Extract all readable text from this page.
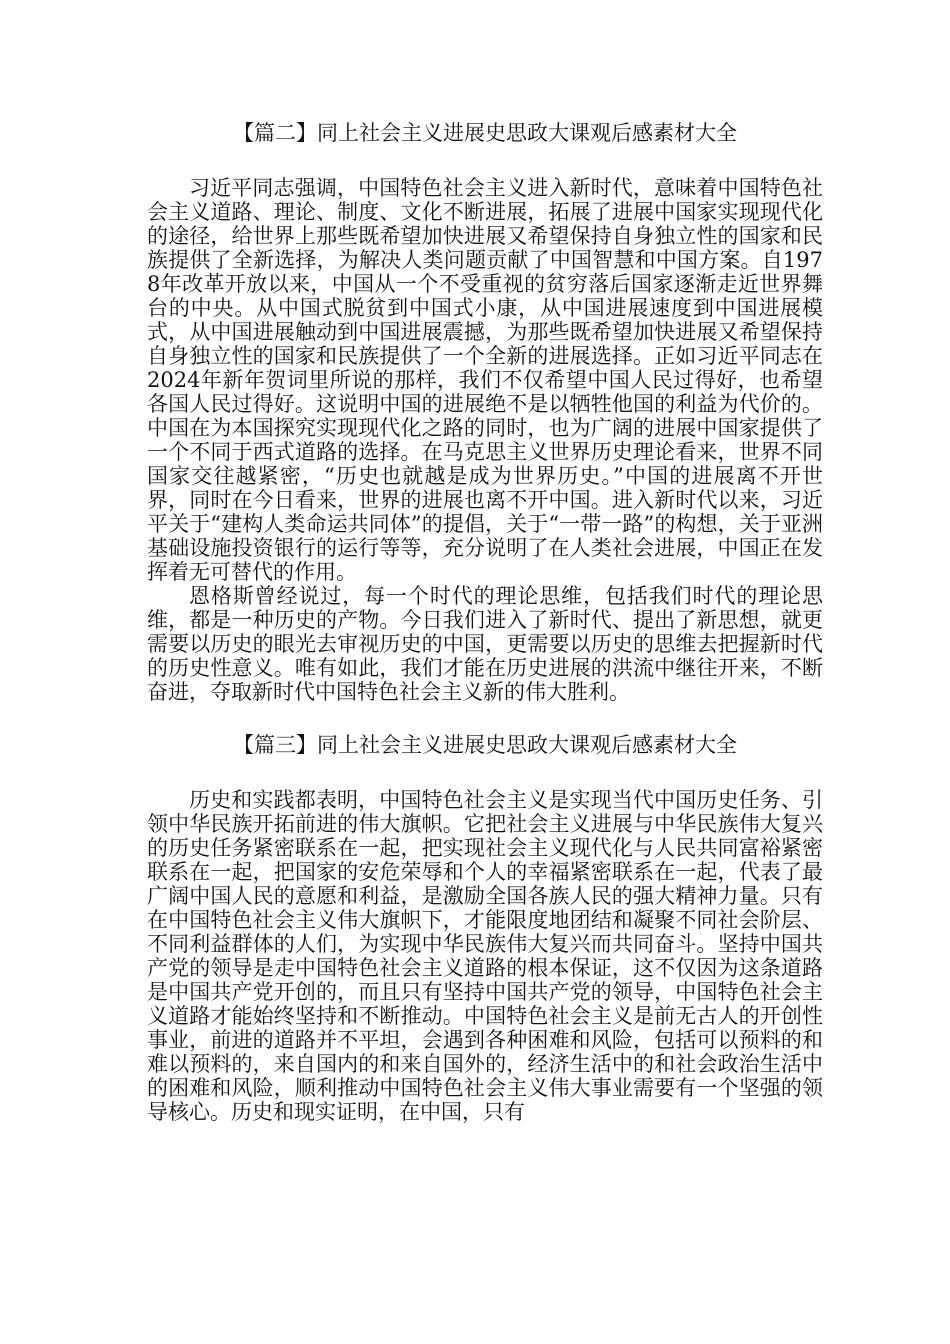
【篇二】同上社会主义进展史思政大课观后感素材大全

习近平同志强调，中国特色社会主义进入新时代，意味着中国特色社会主义道路、理论、制度、文化不断进展，拓展了进展中国家实现现代化的途径，给世界上那些既希望加快进展又希望保持自身独立性的国家和民族提供了全新选择，为解决人类问题贡献了中国智慧和中国方案。自1978年改革开放以来，中国从一个不受重视的贫穷落后国家逐渐走近世界舞台的中央。从中国式脱贫到中国式小康，从中国进展速度到中国进展模式，从中国进展触动到中国进展震撼，为那些既希望加快进展又希望保持自身独立性的国家和民族提供了一个全新的进展选择。正如习近平同志在2024年新年贺词里所说的那样，我们不仅希望中国人民过得好，也希望各国人民过得好。这说明中国的进展绝不是以牺牲他国的利益为代价的。中国在为本国探究实现现代化之路的同时，也为广阔的进展中国家提供了一个不同于西式道路的选择。在马克思主义世界历史理论看来，世界不同国家交往越紧密，“历史也就越是成为世界历史。”中国的进展离不开世界，同时在今日看来，世界的进展也离不开中国。进入新时代以来，习近平关于“建构人类命运共同体”的提倡，关于“一带一路”的构想，关于亚洲基础设施投资银行的运行等等，充分说明了在人类社会进展，中国正在发挥着无可替代的作用。

恩格斯曾经说过，每一个时代的理论思维，包括我们时代的理论思维，都是一种历史的产物。今日我们进入了新时代、提出了新思想，就更需要以历史的眼光去审视历史的中国，更需要以历史的思维去把握新时代的历史性意义。唯有如此，我们才能在历史进展的洪流中继往开来，不断奋进，夺取新时代中国特色社会主义新的伟大胜利。

【篇三】同上社会主义进展史思政大课观后感素材大全

历史和实践都表明，中国特色社会主义是实现当代中国历史任务、引领中华民族开拓前进的伟大旗帜。它把社会主义进展与中华民族伟大复兴的历史任务紧密联系在一起，把实现社会主义现代化与人民共同富裕紧密联系在一起，把国家的安危荣辱和个人的幸福紧密联系在一起，代表了最广阔中国人民的意愿和利益，是激励全国各族人民的强大精神力量。只有在中国特色社会主义伟大旗帜下，才能限度地团结和凝聚不同社会阶层、不同利益群体的人们，为实现中华民族伟大复兴而共同奋斗。坚持中国共产党的领导是走中国特色社会主义道路的根本保证，这不仅因为这条道路是中国共产党开创的，而且只有坚持中国共产党的领导，中国特色社会主义道路才能始终坚持和不断推动。中国特色社会主义是前无古人的开创性事业，前进的道路并不平坦，会遇到各种困难和风险，包括可以预料的和难以预料的，来自国内的和来自国外的，经济生活中的和社会政治生活中的困难和风险，顺利推动中国特色社会主义伟大事业需要有一个坚强的领导核心。历史和现实证明，在中国，只有
